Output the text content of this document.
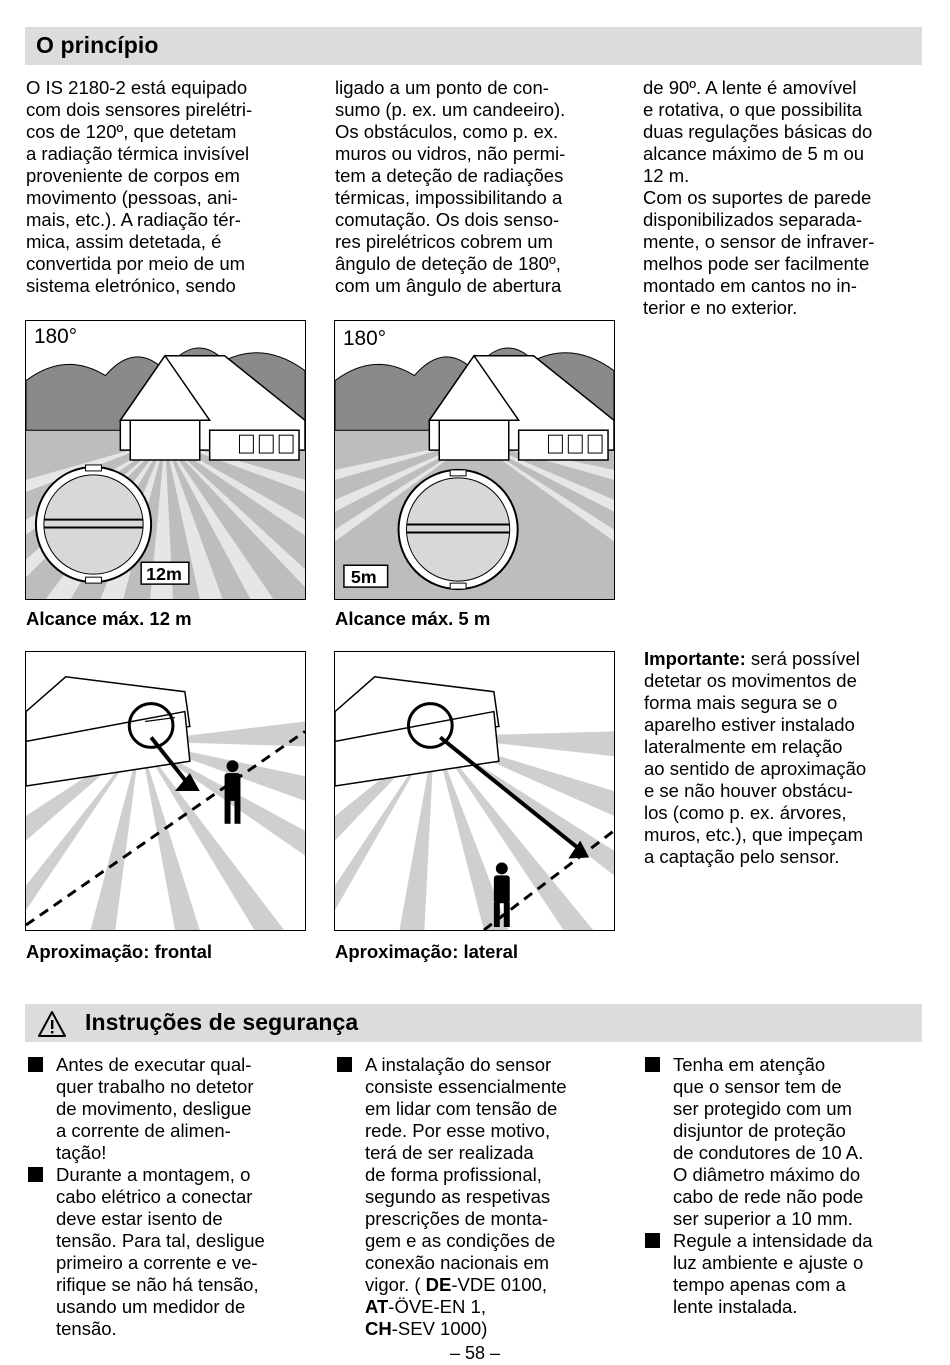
O princípio

O IS 2180-2 está equipado
com dois sensores pirelétri-
cos de 120º, que detetam
a radiação térmica invisível
proveniente de corpos em
movimento (pessoas, ani-
mais, etc.). A radiação tér-
mica, assim detetada, é
convertida por meio de um
sistema eletrónico, sendo

ligado a um ponto de con-
sumo (p. ex. um candeeiro).
Os obstáculos, como p. ex.
muros ou vidros, não permi-
tem a deteção de radiações
térmicas, impossibilitando a
comutação. Os dois senso-
res pirelétricos cobrem um
ângulo de deteção de 180º,
com um ângulo de abertura

de 90º. A lente é amovível
e rotativa, o que possibilita
duas regulações básicas do
alcance máximo de 5 m ou
12 m.
Com os suportes de parede
disponibilizados separada-
mente, o sensor de infraver-
melhos pode ser facilmente
montado em cantos no in-
terior e no exterior.

180°
12m

Alcance máx. 12 m

180°
5m

Alcance máx. 5 m

Aproximação: frontal	Aproximação: lateral

Importante: será possível
detetar os movimentos de
forma mais segura se o
aparelho estiver instalado
lateralmente em relação
ao sentido de aproximação
e se não houver obstácu-
los (como p. ex. árvores,
muros, etc.), que impeçam
a captação pelo sensor.

Instruções de segurança
Antes de executar qual-
quer trabalho no detetor
de movimento, desligue
a corrente de alimen-
tação!
Durante a montagem, o
cabo elétrico a conectar
deve estar isento de
tensão. Para tal, desligue
primeiro a corrente e ve-
rifique se não há tensão,
usando um medidor de
tensão.
A instalação do sensor
consiste essencialmente
em lidar com tensão de
rede. Por esse motivo,
terá de ser realizada
de forma profissional,
segundo as respetivas
prescrições de monta-
gem e as condições de
conexão nacionais em
vigor. ( DE-VDE 0100,
AT-ÖVE-EN 1,
CH-SEV 1000)
Tenha em atenção
que o sensor tem de
ser protegido com um
disjuntor de proteção
de condutores de 10 A.
O diâmetro máximo do
cabo de rede não pode
ser superior a 10 mm.
Regule a intensidade da
luz ambiente e ajuste o
tempo apenas com a
lente instalada.

– 58 –
